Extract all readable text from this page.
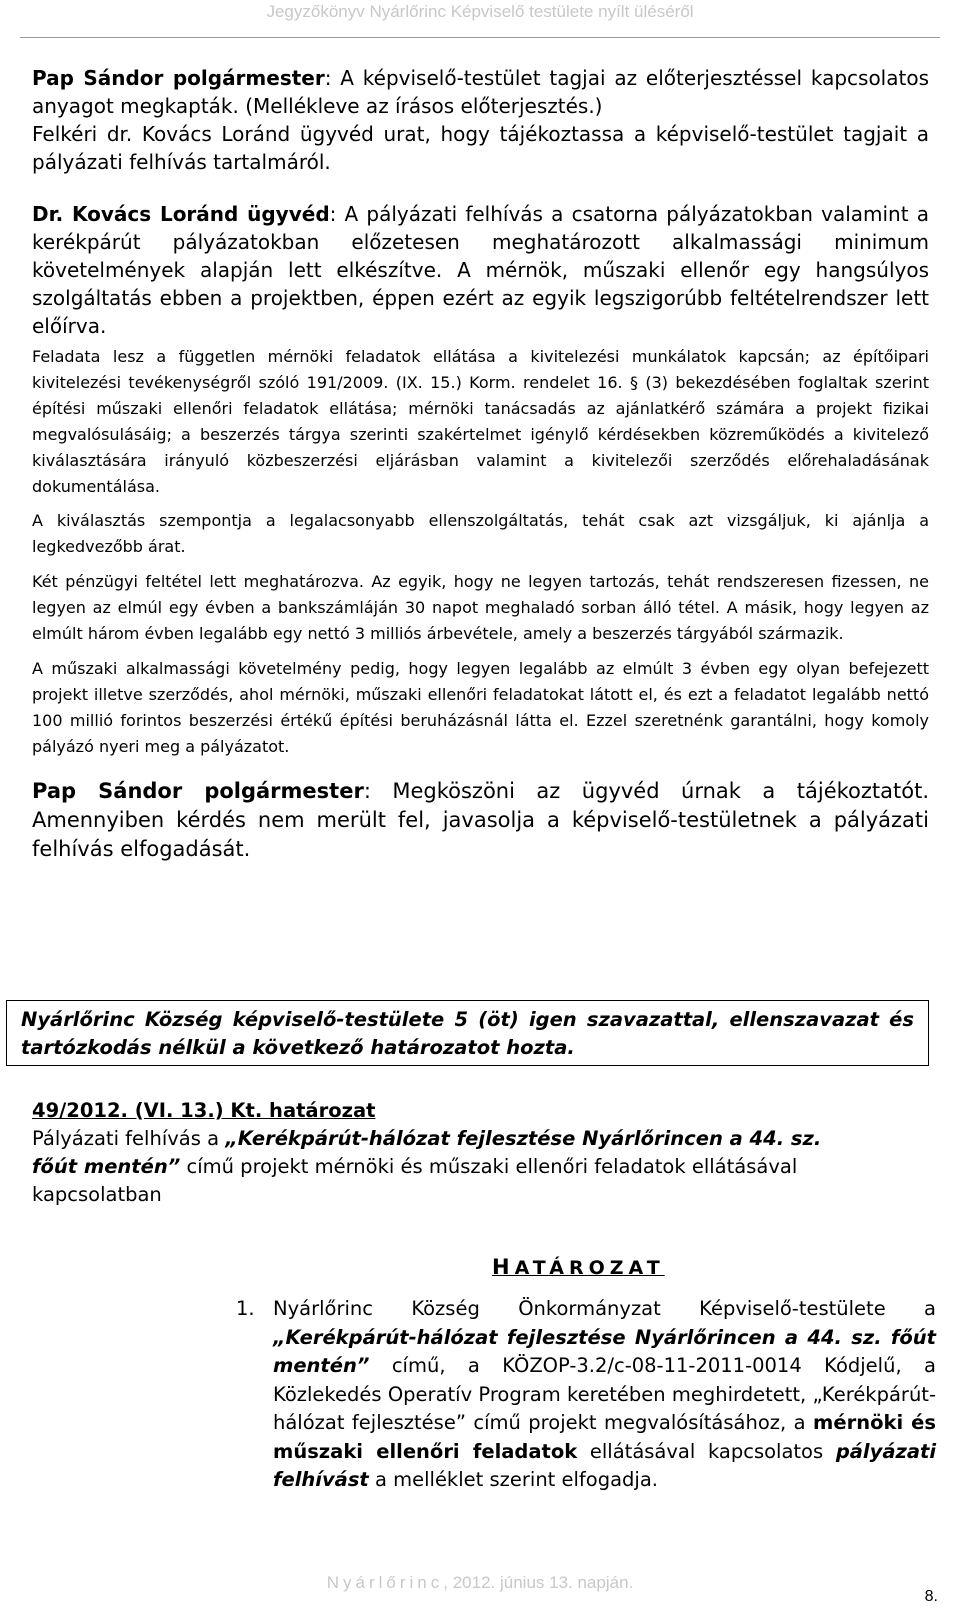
Jegyzőkönyv Nyárlőrinc Képviselő testülete nyílt üléséről

Pap Sándor polgármester: A képviselő-testület tagjai az előterjesztéssel kapcsolatos anyagot megkapták. (Mellékleve az írásos előterjesztés.)

Felkéri dr. Kovács Loránd ügyvéd urat, hogy tájékoztassa a képviselő-testület tagjait a pályázati felhívás tartalmáról.

Dr. Kovács Loránd ügyvéd: A pályázati felhívás a csatorna pályázatokban valamint a kerékpárút pályázatokban előzetesen meghatározott alkalmassági minimum követelmények alapján lett elkészítve. A mérnök, műszaki ellenőr egy hangsúlyos szolgáltatás ebben a projektben, éppen ezért az egyik legszigorúbb feltételrendszer lett előírva.

Feladata lesz a független mérnöki feladatok ellátása a kivitelezési munkálatok kapcsán; az építőipari kivitelezési tevékenységről szóló 191/2009. (IX. 15.) Korm. rendelet 16. § (3) bekezdésében foglaltak szerint építési műszaki ellenőri feladatok ellátása; mérnöki tanácsadás az ajánlatkérő számára a projekt fizikai megvalósulásáig; a beszerzés tárgya szerinti szakértelmet igénylő kérdésekben közreműködés a kivitelező kiválasztására irányuló közbeszerzési eljárásban valamint a kivitelezői szerződés előrehaladásának dokumentálása.

A kiválasztás szempontja a legalacsonyabb ellenszolgáltatás, tehát csak azt vizsgáljuk, ki ajánlja a legkedvezőbb árat.

Két pénzügyi feltétel lett meghatározva. Az egyik, hogy ne legyen tartozás, tehát rendszeresen fizessen, ne legyen az elmúl egy évben a bankszámláján 30 napot meghaladó sorban álló tétel. A másik, hogy legyen az elmúlt három évben legalább egy nettó 3 milliós árbevétele, amely a beszerzés tárgyából származik.

A műszaki alkalmassági követelmény pedig, hogy legyen legalább az elmúlt 3 évben egy olyan befejezett projekt illetve szerződés, ahol mérnöki, műszaki ellenőri feladatokat látott el, és ezt a feladatot legalább nettó 100 millió forintos beszerzési értékű építési beruházásnál látta el. Ezzel szeretnénk garantálni, hogy komoly pályázó nyeri meg a pályázatot.

Pap Sándor polgármester: Megköszöni az ügyvéd úrnak a tájékoztatót. Amennyiben kérdés nem merült fel, javasolja a képviselő-testületnek a pályázati felhívás elfogadását.

Nyárlőrinc Község képviselő-testülete 5 (öt) igen szavazattal, ellenszavazat és tartózkodás nélkül a következő határozatot hozta.

49/2012. (VI. 13.) Kt. határozat
Pályázati felhívás a „Kerékpárút-hálózat fejlesztése Nyárlőrincen a 44. sz. főút mentén” című projekt mérnöki és műszaki ellenőri feladatok ellátásával kapcsolatban
HATÁROZAT
1. Nyárlőrinc Község Önkormányzat Képviselő-testülete a „Kerékpárút-hálózat fejlesztése Nyárlőrincen a 44. sz. főút mentén” című, a KÖZOP-3.2/c-08-11-2011-0014 Kódjelű, a Közlekedés Operatív Program keretében meghirdetett, „Kerékpárút-hálózat fejlesztése” című projekt megvalósításához, a mérnöki és műszaki ellenőri feladatok ellátásával kapcsolatos pályázati felhívást a melléklet szerint elfogadja.
Nyárlőrinc, 2012. június 13. napján.
8.
